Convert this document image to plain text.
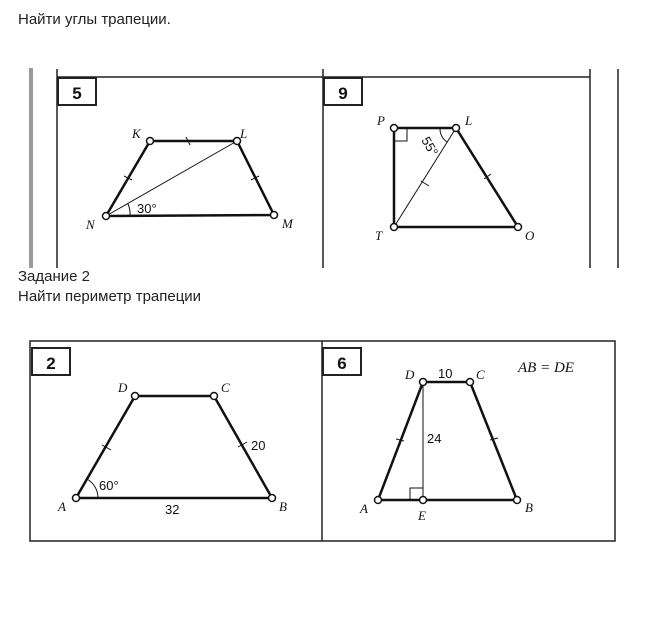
Найти углы трапеции.
Задание 2
Найти периметр трапеции
5
K	L
M
N
30°
9
P	L
T	O
55°
2
D	C
B
A
60°
20
32
6
D	C
B
A	E
10
24
AB = DE
